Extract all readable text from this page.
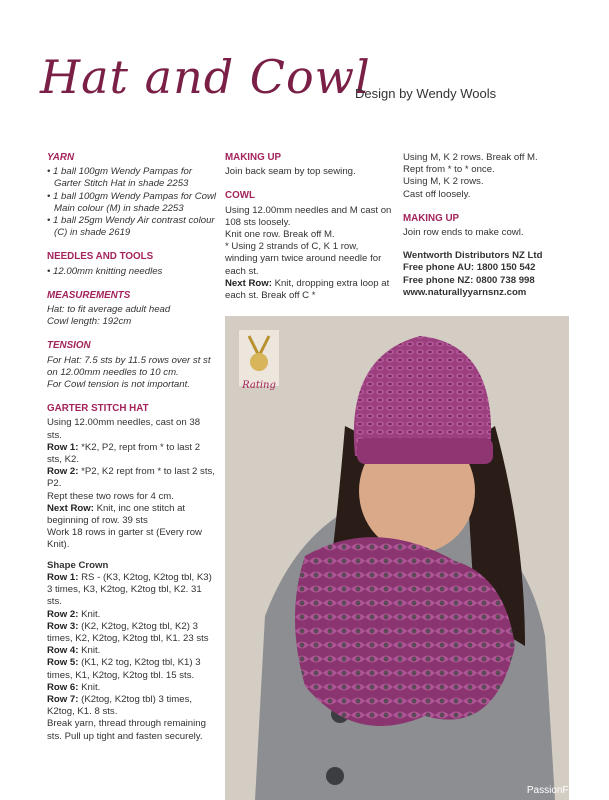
Hat and Cowl
Design by Wendy Wools
YARN
• 1 ball 100gm Wendy Pampas for Garter Stitch Hat in shade 2253
• 1 ball 100gm Wendy Pampas for Cowl Main colour (M) in shade 2253
• 1 ball 25gm Wendy Air contrast colour (C) in shade 2619
NEEDLES AND TOOLS
• 12.00mm knitting needles
MEASUREMENTS
Hat: to fit average adult head
Cowl length: 192cm
TENSION
For Hat: 7.5 sts by 11.5 rows over st st on 12.00mm needles to 10 cm.
For Cowl tension is not important.
GARTER STITCH HAT
Using 12.00mm needles, cast on 38 sts.
Row 1: *K2, P2, rept from * to last 2 sts, K2.
Row 2: *P2, K2 rept from * to last 2 sts, P2.
Rept these two rows for 4 cm.
Next Row: Knit, inc one stitch at beginning of row. 39 sts
Work 18 rows in garter st (Every row Knit).
Shape Crown
Row 1: RS - (K3, K2tog, K2tog tbl, K3) 3 times, K3, K2tog, K2tog tbl, K2. 31 sts.
Row 2: Knit.
Row 3: (K2, K2tog, K2tog tbl, K2) 3 times, K2, K2tog, K2tog tbl, K1. 23 sts
Row 4: Knit.
Row 5: (K1, K2 tog, K2tog tbl, K1) 3 times, K1, K2tog, K2tog tbl. 15 sts.
Row 6: Knit.
Row 7: (K2tog, K2tog tbl) 3 times, K2tog, K1. 8 sts.
Break yarn, thread through remaining sts. Pull up tight and fasten securely.
MAKING UP
Join back seam by top sewing.
COWL
Using 12.00mm needles and M cast on 108 sts loosely.
Knit one row. Break off M.
* Using 2 strands of C, K 1 row, winding yarn twice around needle for each st.
Next Row: Knit, dropping extra loop at each st. Break off C *
Using M, K 2 rows. Break off M.
Rept from * to * once.
Using M, K 2 rows.
Cast off loosely.
MAKING UP
Join row ends to make cowl.
Wentworth Distributors NZ Ltd
Free phone AU: 1800 150 542
Free phone NZ: 0800 738 998
www.naturallyyarnsnz.com
Rating
PassionForum.ru
